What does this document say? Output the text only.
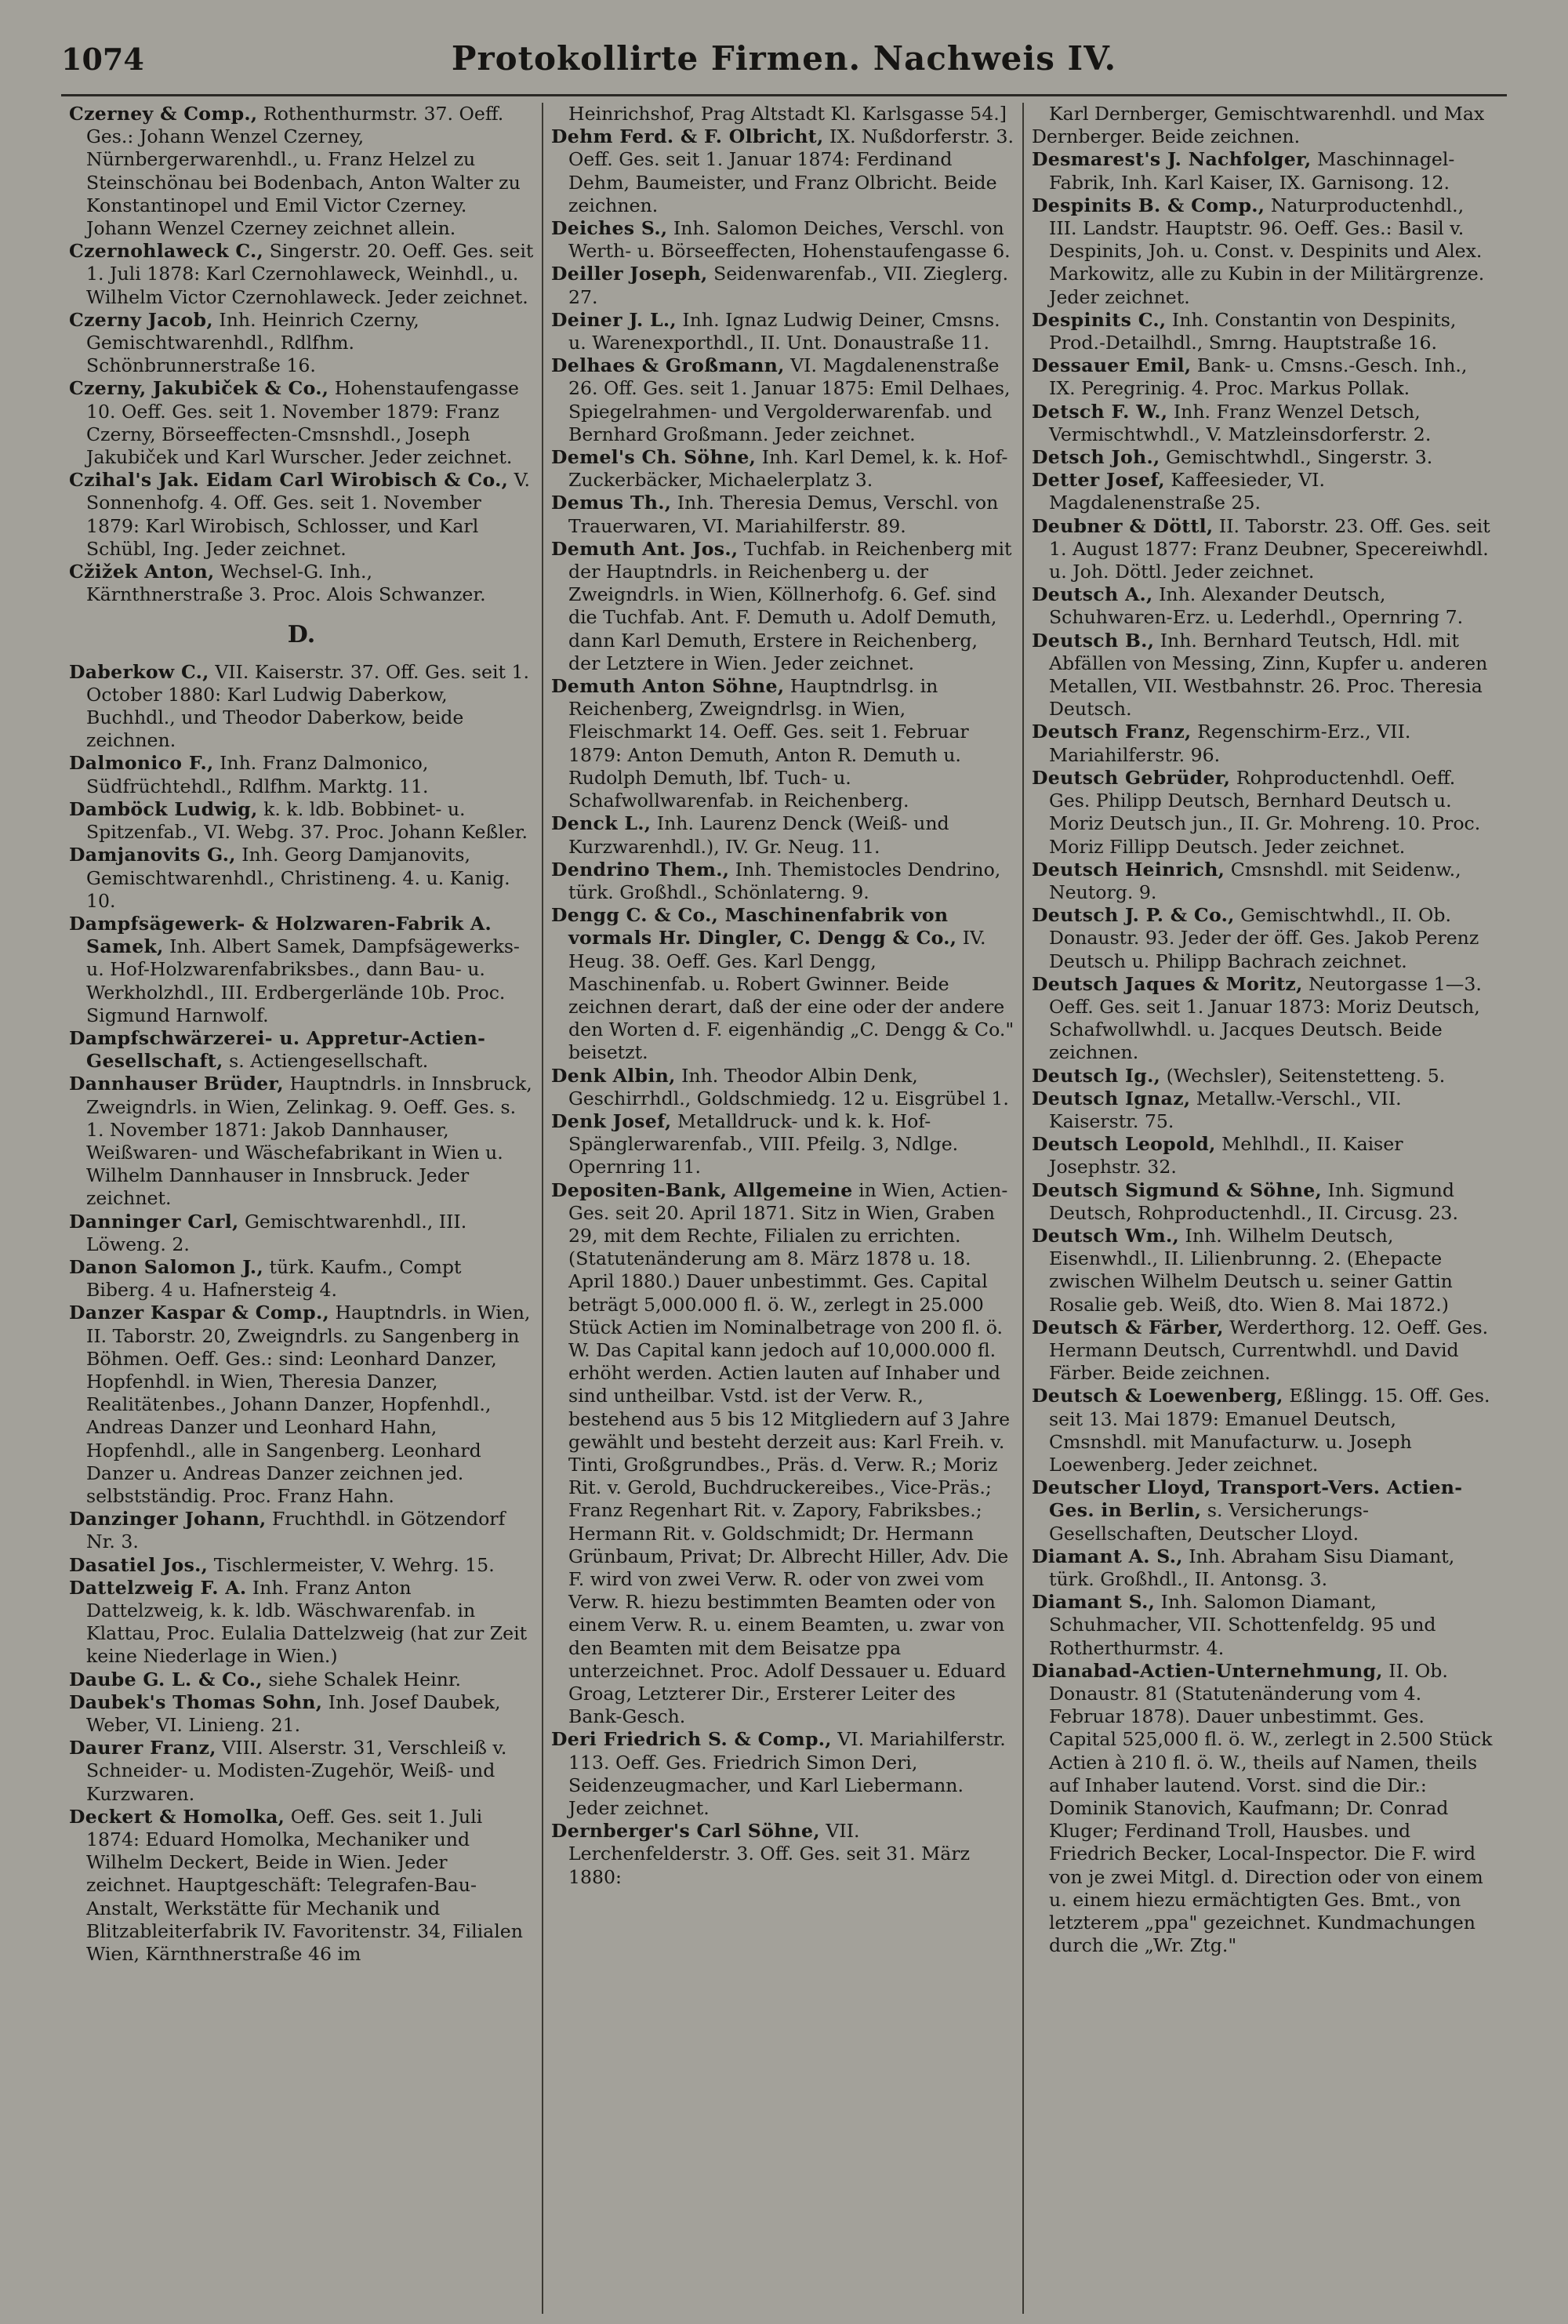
1074	Protokollirte Firmen. Nachweis IV.

Czerney & Comp., Rothenthurmstr. 37. Oeff. Ges.: Johann Wenzel Czerney, Nürnbergerwarenhdl., u. Franz Helzel zu Steinschönau bei Bodenbach, Anton Walter zu Konstantinopel und Emil Victor Czerney. Johann Wenzel Czerney zeichnet allein.

Czernohlaweck C., Singerstr. 20. Oeff. Ges. seit 1. Juli 1878: Karl Czernohlaweck, Weinhdl., u. Wilhelm Victor Czernohlaweck. Jeder zeichnet.

Czerny Jacob, Inh. Heinrich Czerny, Gemischtwarenhdl., Rdlfhm. Schönbrunnerstraße 16.

Czerny, Jakubiček & Co., Hohenstaufengasse 10. Oeff. Ges. seit 1. November 1879: Franz Czerny, Börseeffecten-Cmsnshdl., Joseph Jakubiček und Karl Wurscher. Jeder zeichnet.

Czihal's Jak. Eidam Carl Wirobisch & Co., V. Sonnenhofg. 4. Off. Ges. seit 1. November 1879: Karl Wirobisch, Schlosser, und Karl Schübl, Ing. Jeder zeichnet.

Cžižek Anton, Wechsel-G. Inh., Kärnthnerstraße 3. Proc. Alois Schwanzer.

D.

Daberkow C., VII. Kaiserstr. 37. Off. Ges. seit 1. October 1880: Karl Ludwig Daberkow, Buchhdl., und Theodor Daberkow, beide zeichnen.

Dalmonico F., Inh. Franz Dalmonico, Südfrüchtehdl., Rdlfhm. Marktg. 11.

Damböck Ludwig, k. k. ldb. Bobbinet- u. Spitzenfab., VI. Webg. 37. Proc. Johann Keßler.

Damjanovits G., Inh. Georg Damjanovits, Gemischtwarenhdl., Christineng. 4. u. Kanig. 10.

Dampfsägewerk- & Holzwaren-Fabrik A. Samek, Inh. Albert Samek, Dampfsägewerks- u. Hof-Holzwarenfabriksbes., dann Bau- u. Werkholzhdl., III. Erdbergerlände 10b. Proc. Sigmund Harnwolf.

Dampfschwärzerei- u. Appretur-Actien-Gesellschaft, s. Actiengesellschaft.

Dannhauser Brüder, Hauptndrls. in Innsbruck, Zweigndrls. in Wien, Zelinkag. 9. Oeff. Ges. s. 1. November 1871: Jakob Dannhauser, Weißwaren- und Wäschefabrikant in Wien u. Wilhelm Dannhauser in Innsbruck. Jeder zeichnet.

Danninger Carl, Gemischtwarenhdl., III. Löweng. 2.

Danon Salomon J., türk. Kaufm., Compt Biberg. 4 u. Hafnersteig 4.

Danzer Kaspar & Comp., Hauptndrls. in Wien, II. Taborstr. 20, Zweigndrls. zu Sangenberg in Böhmen. Oeff. Ges.: sind: Leonhard Danzer, Hopfenhdl. in Wien, Theresia Danzer, Realitätenbes., Johann Danzer, Hopfenhdl., Andreas Danzer und Leonhard Hahn, Hopfenhdl., alle in Sangenberg. Leonhard Danzer u. Andreas Danzer zeichnen jed. selbstständig. Proc. Franz Hahn.

Danzinger Johann, Fruchthdl. in Götzendorf Nr. 3.

Dasatiel Jos., Tischlermeister, V. Wehrg. 15.

Dattelzweig F. A. Inh. Franz Anton Dattelzweig, k. k. ldb. Wäschwarenfab. in Klattau, Proc. Eulalia Dattelzweig (hat zur Zeit keine Niederlage in Wien.)

Daube G. L. & Co., siehe Schalek Heinr.

Daubek's Thomas Sohn, Inh. Josef Daubek, Weber, VI. Linieng. 21.

Daurer Franz, VIII. Alserstr. 31, Verschleiß v. Schneider- u. Modisten-Zugehör, Weiß- und Kurzwaren.

Deckert & Homolka, Oeff. Ges. seit 1. Juli 1874: Eduard Homolka, Mechaniker und Wilhelm Deckert, Beide in Wien. Jeder zeichnet. Hauptgeschäft: Telegrafen-Bau-Anstalt, Werkstätte für Mechanik und Blitzableiterfabrik IV. Favoritenstr. 34, Filialen Wien, Kärnthnerstraße 46 im

Heinrichshof, Prag Altstadt Kl. Karlsgasse 54.]

Dehm Ferd. & F. Olbricht, IX. Nußdorferstr. 3. Oeff. Ges. seit 1. Januar 1874: Ferdinand Dehm, Baumeister, und Franz Olbricht. Beide zeichnen.

Deiches S., Inh. Salomon Deiches, Verschl. von Werth- u. Börseeffecten, Hohenstaufengasse 6.

Deiller Joseph, Seidenwarenfab., VII. Zieglerg. 27.

Deiner J. L., Inh. Ignaz Ludwig Deiner, Cmsns. u. Warenexporthdl., II. Unt. Donaustraße 11.

Delhaes & Großmann, VI. Magdalenenstraße 26. Off. Ges. seit 1. Januar 1875: Emil Delhaes, Spiegelrahmen- und Vergolderwarenfab. und Bernhard Großmann. Jeder zeichnet.

Demel's Ch. Söhne, Inh. Karl Demel, k. k. Hof-Zuckerbäcker, Michaelerplatz 3.

Demus Th., Inh. Theresia Demus, Verschl. von Trauerwaren, VI. Mariahilferstr. 89.

Demuth Ant. Jos., Tuchfab. in Reichenberg mit der Hauptndrls. in Reichenberg u. der Zweigndrls. in Wien, Köllnerhofg. 6. Gef. sind die Tuchfab. Ant. F. Demuth u. Adolf Demuth, dann Karl Demuth, Erstere in Reichenberg, der Letztere in Wien. Jeder zeichnet.

Demuth Anton Söhne, Hauptndrlsg. in Reichenberg, Zweigndrlsg. in Wien, Fleischmarkt 14. Oeff. Ges. seit 1. Februar 1879: Anton Demuth, Anton R. Demuth u. Rudolph Demuth, lbf. Tuch- u. Schafwollwarenfab. in Reichenberg.

Denck L., Inh. Laurenz Denck (Weiß- und Kurzwarenhdl.), IV. Gr. Neug. 11.

Dendrino Them., Inh. Themistocles Dendrino, türk. Großhdl., Schönlaterng. 9.

Dengg C. & Co., Maschinenfabrik von vormals Hr. Dingler, C. Dengg & Co., IV. Heug. 38. Oeff. Ges. Karl Dengg, Maschinenfab. u. Robert Gwinner. Beide zeichnen derart, daß der eine oder der andere den Worten d. F. eigenhändig „C. Dengg & Co." beisetzt.

Denk Albin, Inh. Theodor Albin Denk, Geschirrhdl., Goldschmiedg. 12 u. Eisgrübel 1.

Denk Josef, Metalldruck- und k. k. Hof-Spänglerwarenfab., VIII. Pfeilg. 3, Ndlge. Opernring 11.

Depositen-Bank, Allgemeine in Wien, Actien-Ges. seit 20. April 1871. Sitz in Wien, Graben 29, mit dem Rechte, Filialen zu errichten. (Statutenänderung am 8. März 1878 u. 18. April 1880.) Dauer unbestimmt. Ges. Capital beträgt 5,000.000 fl. ö. W., zerlegt in 25.000 Stück Actien im Nominalbetrage von 200 fl. ö. W. Das Capital kann jedoch auf 10,000.000 fl. erhöht werden. Actien lauten auf Inhaber und sind untheilbar. Vstd. ist der Verw. R., bestehend aus 5 bis 12 Mitgliedern auf 3 Jahre gewählt und besteht derzeit aus: Karl Freih. v. Tinti, Großgrundbes., Präs. d. Verw. R.; Moriz Rit. v. Gerold, Buchdruckereibes., Vice-Präs.; Franz Regenhart Rit. v. Zapory, Fabriksbes.; Hermann Rit. v. Goldschmidt; Dr. Hermann Grünbaum, Privat; Dr. Albrecht Hiller, Adv. Die F. wird von zwei Verw. R. oder von zwei vom Verw. R. hiezu bestimmten Beamten oder von einem Verw. R. u. einem Beamten, u. zwar von den Beamten mit dem Beisatze ppa unterzeichnet. Proc. Adolf Dessauer u. Eduard Groag, Letzterer Dir., Ersterer Leiter des Bank-Gesch.

Deri Friedrich S. & Comp., VI. Mariahilferstr. 113. Oeff. Ges. Friedrich Simon Deri, Seidenzeugmacher, und Karl Liebermann. Jeder zeichnet.

Dernberger's Carl Söhne, VII. Lerchenfelderstr. 3. Off. Ges. seit 31. März 1880:

Karl Dernberger, Gemischtwarenhdl. und Max Dernberger. Beide zeichnen.

Desmarest's J. Nachfolger, Maschinnagel-Fabrik, Inh. Karl Kaiser, IX. Garnisong. 12.

Despinits B. & Comp., Naturproductenhdl., III. Landstr. Hauptstr. 96. Oeff. Ges.: Basil v. Despinits, Joh. u. Const. v. Despinits und Alex. Markowitz, alle zu Kubin in der Militärgrenze. Jeder zeichnet.

Despinits C., Inh. Constantin von Despinits, Prod.-Detailhdl., Smrng. Hauptstraße 16.

Dessauer Emil, Bank- u. Cmsns.-Gesch. Inh., IX. Peregrinig. 4. Proc. Markus Pollak.

Detsch F. W., Inh. Franz Wenzel Detsch, Vermischtwhdl., V. Matzleinsdorferstr. 2.

Detsch Joh., Gemischtwhdl., Singerstr. 3.

Detter Josef, Kaffeesieder, VI. Magdalenenstraße 25.

Deubner & Döttl, II. Taborstr. 23. Off. Ges. seit 1. August 1877: Franz Deubner, Specereiwhdl. u. Joh. Döttl. Jeder zeichnet.

Deutsch A., Inh. Alexander Deutsch, Schuhwaren-Erz. u. Lederhdl., Opernring 7.

Deutsch B., Inh. Bernhard Teutsch, Hdl. mit Abfällen von Messing, Zinn, Kupfer u. anderen Metallen, VII. Westbahnstr. 26. Proc. Theresia Deutsch.

Deutsch Franz, Regenschirm-Erz., VII. Mariahilferstr. 96.

Deutsch Gebrüder, Rohproductenhdl. Oeff. Ges. Philipp Deutsch, Bernhard Deutsch u. Moriz Deutsch jun., II. Gr. Mohreng. 10. Proc. Moriz Fillipp Deutsch. Jeder zeichnet.

Deutsch Heinrich, Cmsnshdl. mit Seidenw., Neutorg. 9.

Deutsch J. P. & Co., Gemischtwhdl., II. Ob. Donaustr. 93. Jeder der öff. Ges. Jakob Perenz Deutsch u. Philipp Bachrach zeichnet.

Deutsch Jaques & Moritz, Neutorgasse 1—3. Oeff. Ges. seit 1. Januar 1873: Moriz Deutsch, Schafwollwhdl. u. Jacques Deutsch. Beide zeichnen.

Deutsch Ig., (Wechsler), Seitenstetteng. 5.

Deutsch Ignaz, Metallw.-Verschl., VII. Kaiserstr. 75.

Deutsch Leopold, Mehlhdl., II. Kaiser Josephstr. 32.

Deutsch Sigmund & Söhne, Inh. Sigmund Deutsch, Rohproductenhdl., II. Circusg. 23.

Deutsch Wm., Inh. Wilhelm Deutsch, Eisenwhdl., II. Lilienbrunng. 2. (Ehepacte zwischen Wilhelm Deutsch u. seiner Gattin Rosalie geb. Weiß, dto. Wien 8. Mai 1872.)

Deutsch & Färber, Werderthorg. 12. Oeff. Ges. Hermann Deutsch, Currentwhdl. und David Färber. Beide zeichnen.

Deutsch & Loewenberg, Eßlingg. 15. Off. Ges. seit 13. Mai 1879: Emanuel Deutsch, Cmsnshdl. mit Manufacturw. u. Joseph Loewenberg. Jeder zeichnet.

Deutscher Lloyd, Transport-Vers. Actien-Ges. in Berlin, s. Versicherungs-Gesellschaften, Deutscher Lloyd.

Diamant A. S., Inh. Abraham Sisu Diamant, türk. Großhdl., II. Antonsg. 3.

Diamant S., Inh. Salomon Diamant, Schuhmacher, VII. Schottenfeldg. 95 und Rotherthurmstr. 4.

Dianabad-Actien-Unternehmung, II. Ob. Donaustr. 81 (Statutenänderung vom 4. Februar 1878). Dauer unbestimmt. Ges. Capital 525,000 fl. ö. W., zerlegt in 2.500 Stück Actien à 210 fl. ö. W., theils auf Namen, theils auf Inhaber lautend. Vorst. sind die Dir.: Dominik Stanovich, Kaufmann; Dr. Conrad Kluger; Ferdinand Troll, Hausbes. und Friedrich Becker, Local-Inspector. Die F. wird von je zwei Mitgl. d. Direction oder von einem u. einem hiezu ermächtigten Ges. Bmt., von letzterem „ppa" gezeichnet. Kundmachungen durch die „Wr. Ztg."
